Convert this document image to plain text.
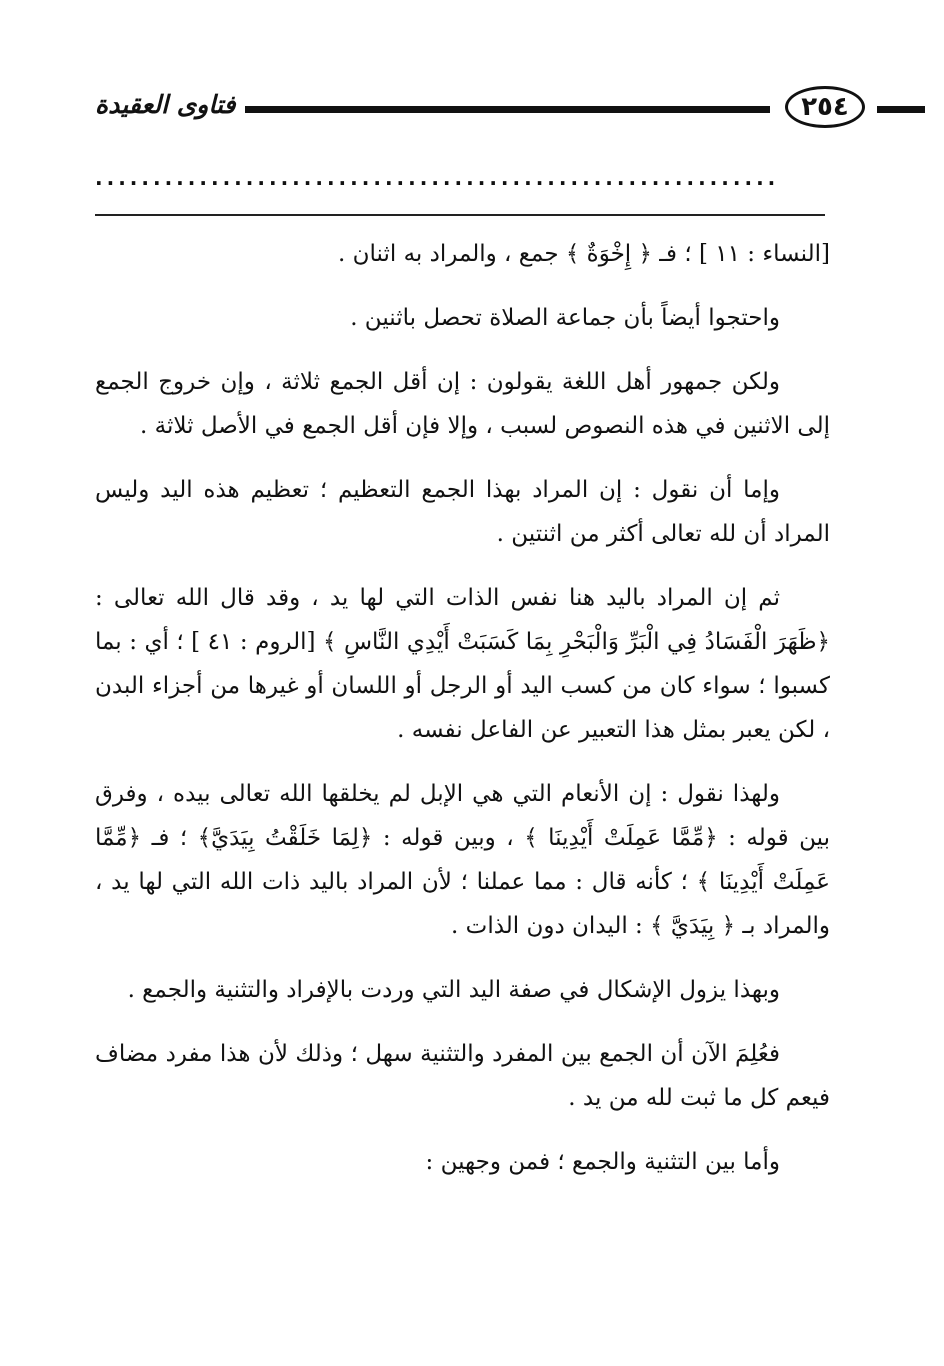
فتاوى العقيدة	٢٥٤
...........................................................

[النساء : ١١ ] ؛ فـ ﴿ إِخْوَةٌ ﴾ جمع ، والمراد به اثنان .

واحتجوا أيضاً بأن جماعة الصلاة تحصل باثنين .

ولكن جمهور أهل اللغة يقولون : إن أقل الجمع ثلاثة ، وإن خروج الجمع إلى الاثنين في هذه النصوص لسبب ، وإلا فإن أقل الجمع في الأصل ثلاثة .

وإما أن نقول : إن المراد بهذا الجمع التعظيم ؛ تعظيم هذه اليد وليس المراد أن لله تعالى أكثر من اثنتين .

ثم إن المراد باليد هنا نفس الذات التي لها يد ، وقد قال الله تعالى : ﴿ظَهَرَ الْفَسَادُ فِي الْبَرِّ وَالْبَحْرِ بِمَا كَسَبَتْ أَيْدِي النَّاسِ ﴾ [الروم : ٤١ ] ؛ أي : بما كسبوا ؛ سواء كان من كسب اليد أو الرجل أو اللسان أو غيرها من أجزاء البدن ، لكن يعبر بمثل هذا التعبير عن الفاعل نفسه .

ولهذا نقول : إن الأنعام التي هي الإبل لم يخلقها الله تعالى بيده ، وفرق بين قوله : ﴿مِّمَّا عَمِلَتْ أَيْدِينَا ﴾ ، وبين قوله : ﴿لِمَا خَلَقْتُ بِيَدَيَّ﴾ ؛ فـ ﴿مِّمَّا عَمِلَتْ أَيْدِينَا ﴾ ؛ كأنه قال : مما عملنا ؛ لأن المراد باليد ذات الله التي لها يد ، والمراد بـ ﴿ بِيَدَيَّ ﴾ : اليدان دون الذات .

وبهذا يزول الإشكال في صفة اليد التي وردت بالإفراد والتثنية والجمع .

فعُلِمَ الآن أن الجمع بين المفرد والتثنية سهل ؛ وذلك لأن هذا مفرد مضاف فيعم كل ما ثبت لله من يد .

وأما بين التثنية والجمع ؛ فمن وجهين :
